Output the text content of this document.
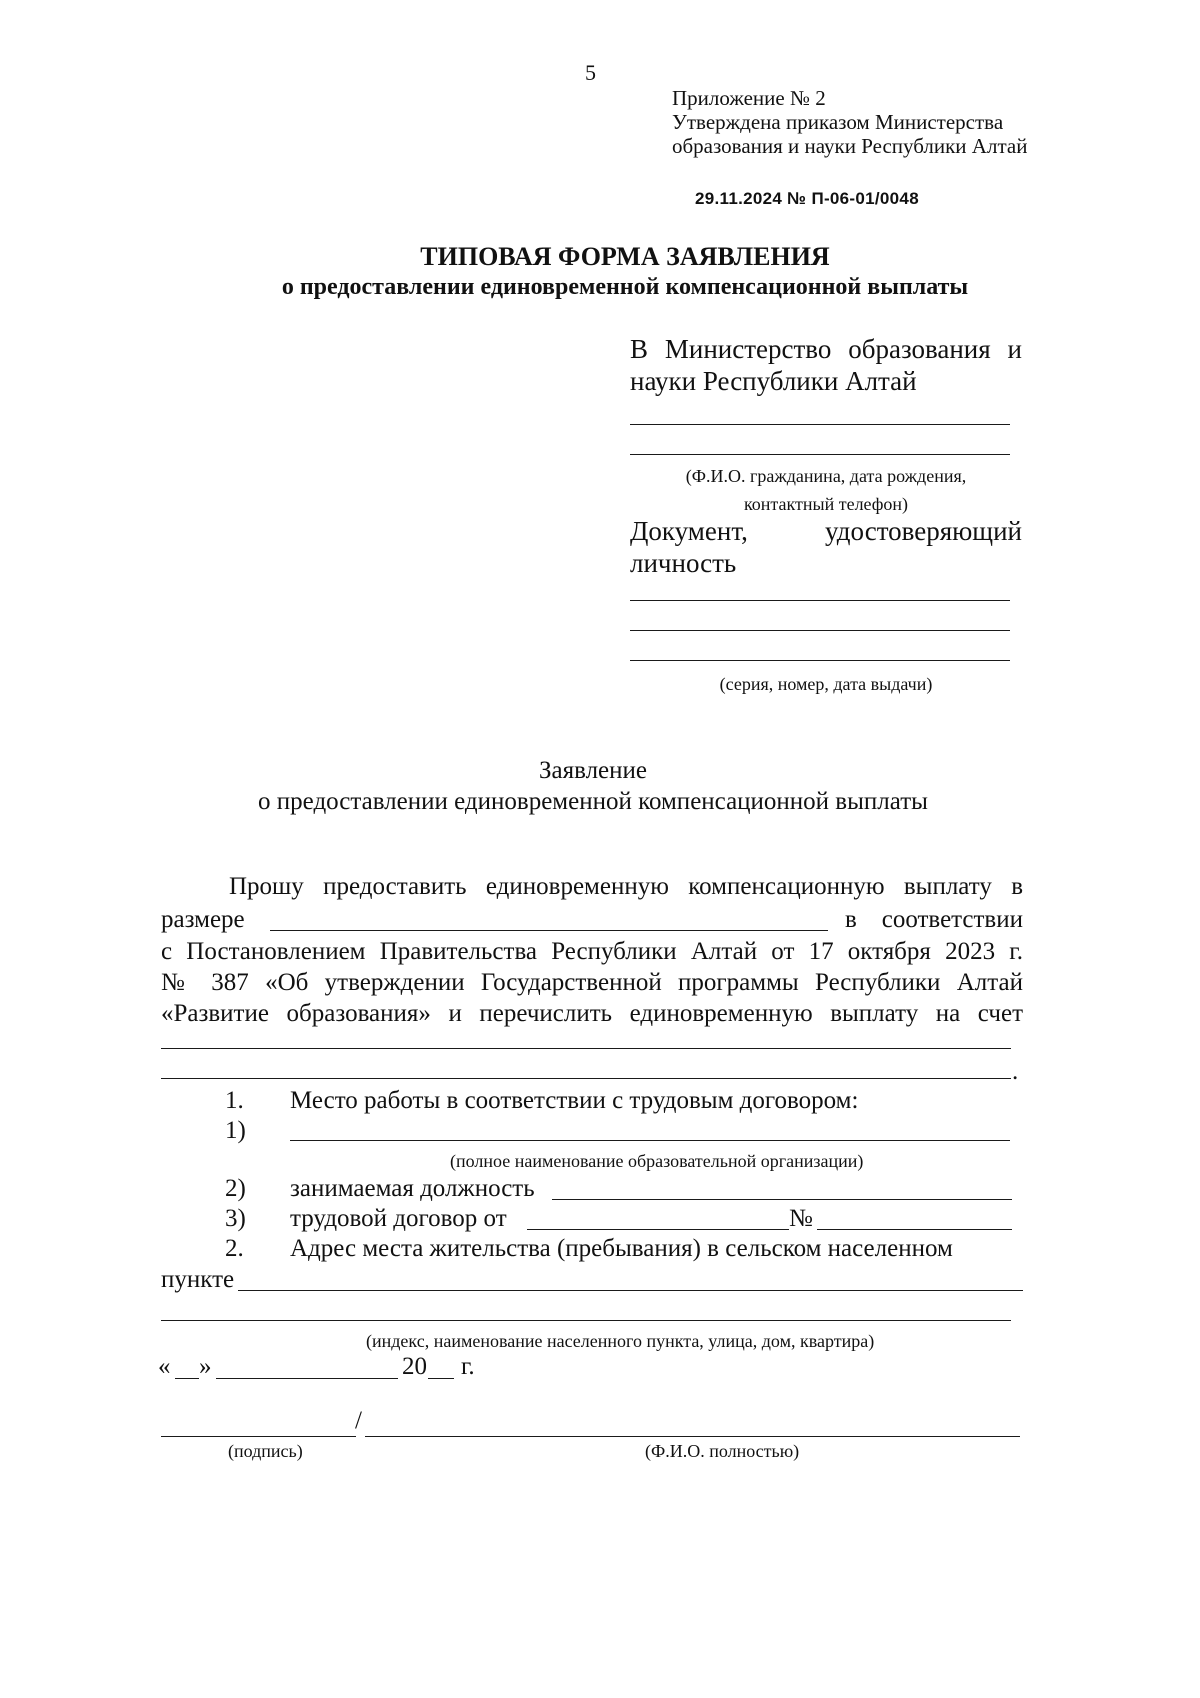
5
Приложение № 2
Утверждена приказом Министерства
образования и науки Республики Алтай
29.11.2024 № П-06-01/0048
ТИПОВАЯ ФОРМА ЗАЯВЛЕНИЯ
о предоставлении единовременной компенсационной выплаты
В Министерство образования и
науки Республики Алтай
(Ф.И.О. гражданина, дата рождения,
контактный телефон)
Документ,	удостоверяющий
личность
(серия, номер, дата выдачи)
Заявление
о предоставлении единовременной компенсационной выплаты
Прошу предоставить единовременную компенсационную выплату в
размере	в соответствии
с Постановлением Правительства Республики Алтай от 17 октября 2023 г.
№ 387 «Об утверждении Государственной программы Республики Алтай
«Развитие образования» и перечислить единовременную выплату на счет
.
1. Место работы в соответствии с трудовым договором:
1)
(полное наименование образовательной организации)
2) занимаемая должность
3) трудовой договор от	№
2. Адрес места жительства (пребывания) в сельском населенном
пункте
(индекс, наименование населенного пункта, улица, дом, квартира)
« »	20 г.
/
(подпись)	(Ф.И.О. полностью)
